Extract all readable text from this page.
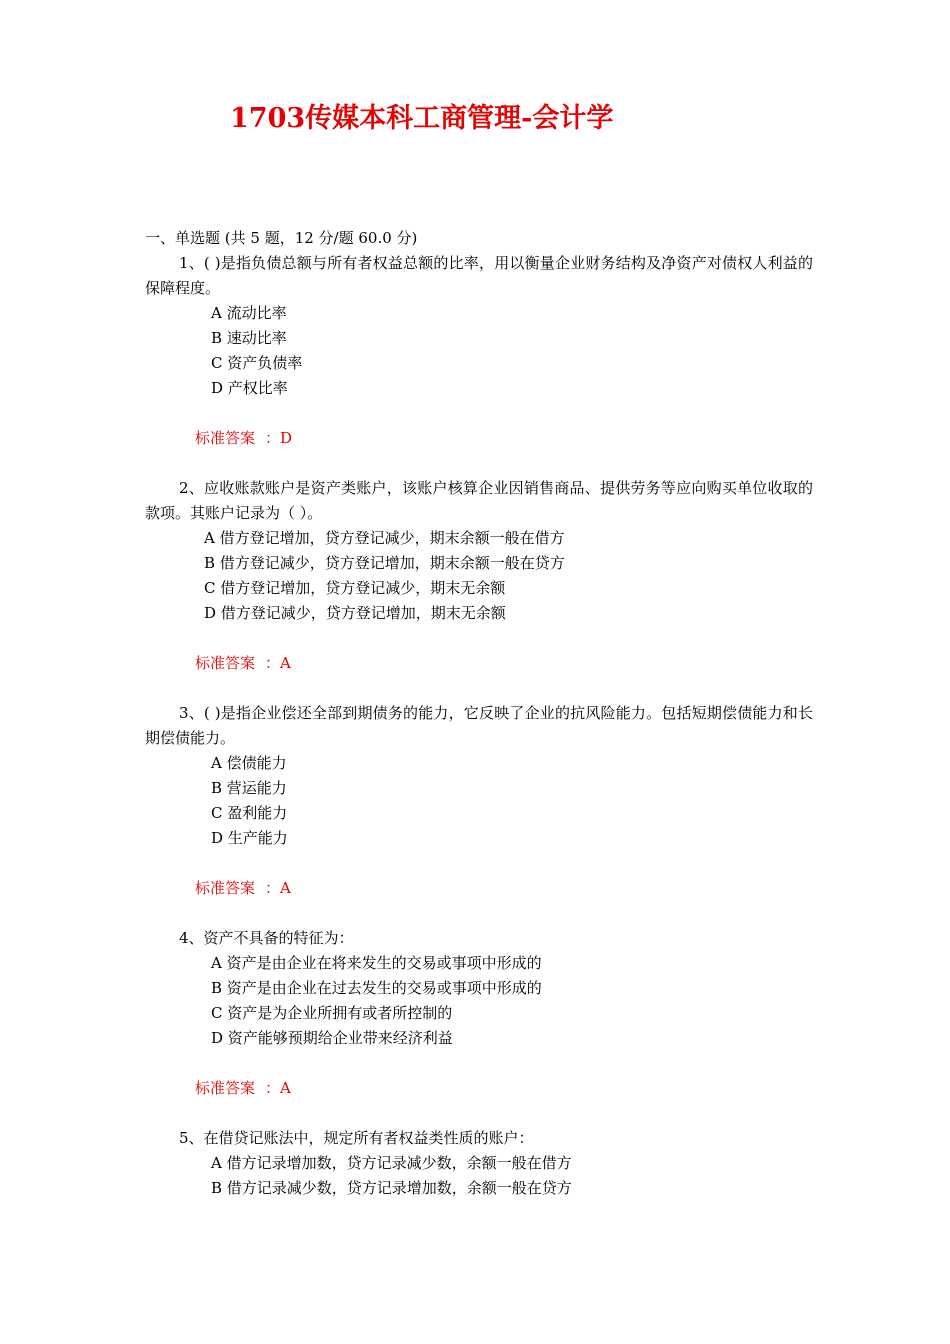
1703传媒本科工商管理-会计学

一、单选题 (共 5 题，12 分/题 60.0 分)

1、( )是指负债总额与所有者权益总额的比率，用以衡量企业财务结构及净资产对债权人利益的保障程度。

A 流动比率
B 速动比率
C 资产负债率
D 产权比率
标准答案 ：D

2、应收账款账户是资产类账户，该账户核算企业因销售商品、提供劳务等应向购买单位收取的款项。其账户记录为（ ）。

A 借方登记增加，贷方登记减少，期末余额一般在借方
B 借方登记减少，贷方登记增加，期末余额一般在贷方
C 借方登记增加，贷方登记减少，期末无余额
D 借方登记减少，贷方登记增加，期末无余额
标准答案 ：A

3、( )是指企业偿还全部到期债务的能力，它反映了企业的抗风险能力。包括短期偿债能力和长期偿债能力。

A 偿债能力
B 营运能力
C 盈利能力
D 生产能力
标准答案 ：A

4、资产不具备的特征为：

A 资产是由企业在将来发生的交易或事项中形成的
B 资产是由企业在过去发生的交易或事项中形成的
C 资产是为企业所拥有或者所控制的
D 资产能够预期给企业带来经济利益
标准答案 ：A

5、在借贷记账法中，规定所有者权益类性质的账户：

A 借方记录增加数，贷方记录减少数，余额一般在借方
B 借方记录减少数，贷方记录增加数，余额一般在贷方
